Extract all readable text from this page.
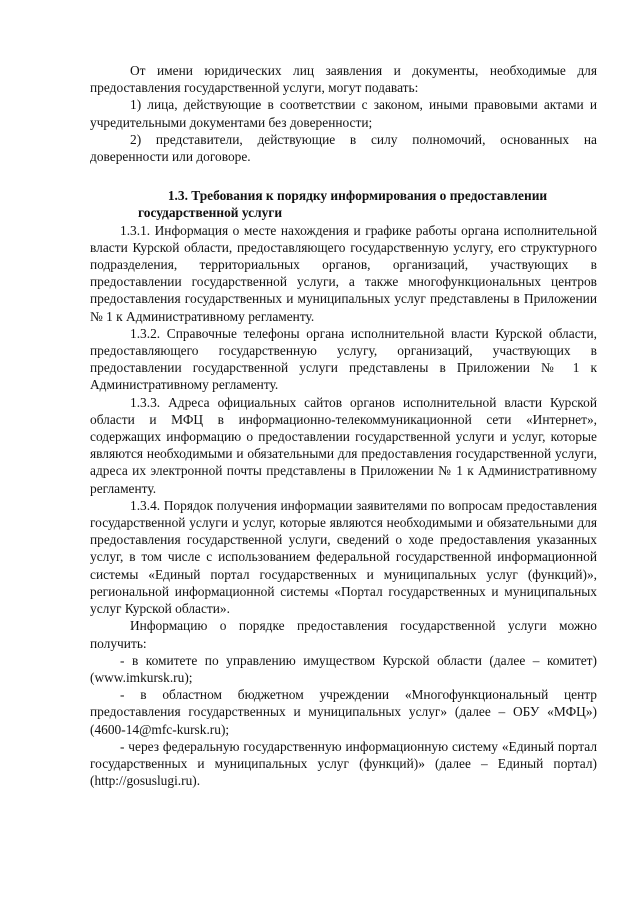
От имени юридических лиц заявления и документы, необходимые для предоставления государственной услуги, могут подавать:

1) лица, действующие в соответствии с законом, иными правовыми актами и учредительными документами без доверенности;

2) представители, действующие в силу полномочий, основанных на доверенности или договоре.

1.3. Требования к порядку информирования о предоставлении государственной услуги

1.3.1. Информация о месте нахождения и графике работы органа исполнительной власти Курской области, предоставляющего государственную услугу, его структурного подразделения, территориальных органов, организаций, участвующих в предоставлении государственной услуги, а также многофункциональных центров предоставления государственных и муниципальных услуг представлены в Приложении № 1 к Административному регламенту.

1.3.2. Справочные телефоны органа исполнительной власти Курской области, предоставляющего государственную услугу, организаций, участвующих в предоставлении государственной услуги представлены в Приложении № 1 к Административному регламенту.

1.3.3. Адреса официальных сайтов органов исполнительной власти Курской области и МФЦ в информационно-телекоммуникационной сети «Интернет», содержащих информацию о предоставлении государственной услуги и услуг, которые являются необходимыми и обязательными для предоставления государственной услуги, адреса их электронной почты представлены в Приложении № 1 к Административному регламенту.

1.3.4. Порядок получения информации заявителями по вопросам предоставления государственной услуги и услуг, которые являются необходимыми и обязательными для предоставления государственной услуги, сведений о ходе предоставления указанных услуг, в том числе с использованием федеральной государственной информационной системы «Единый портал государственных и муниципальных услуг (функций)», региональной информационной системы «Портал государственных и муниципальных услуг Курской области».

Информацию о порядке предоставления государственной услуги можно получить:

- в комитете по управлению имуществом Курской области (далее – комитет) (www.imkursk.ru);

- в областном бюджетном учреждении «Многофункциональный центр предоставления государственных и муниципальных услуг» (далее – ОБУ «МФЦ») (4600-14@mfc-kursk.ru);

- через федеральную государственную информационную систему «Единый портал государственных и муниципальных услуг (функций)» (далее – Единый портал) (http://gosuslugi.ru).
